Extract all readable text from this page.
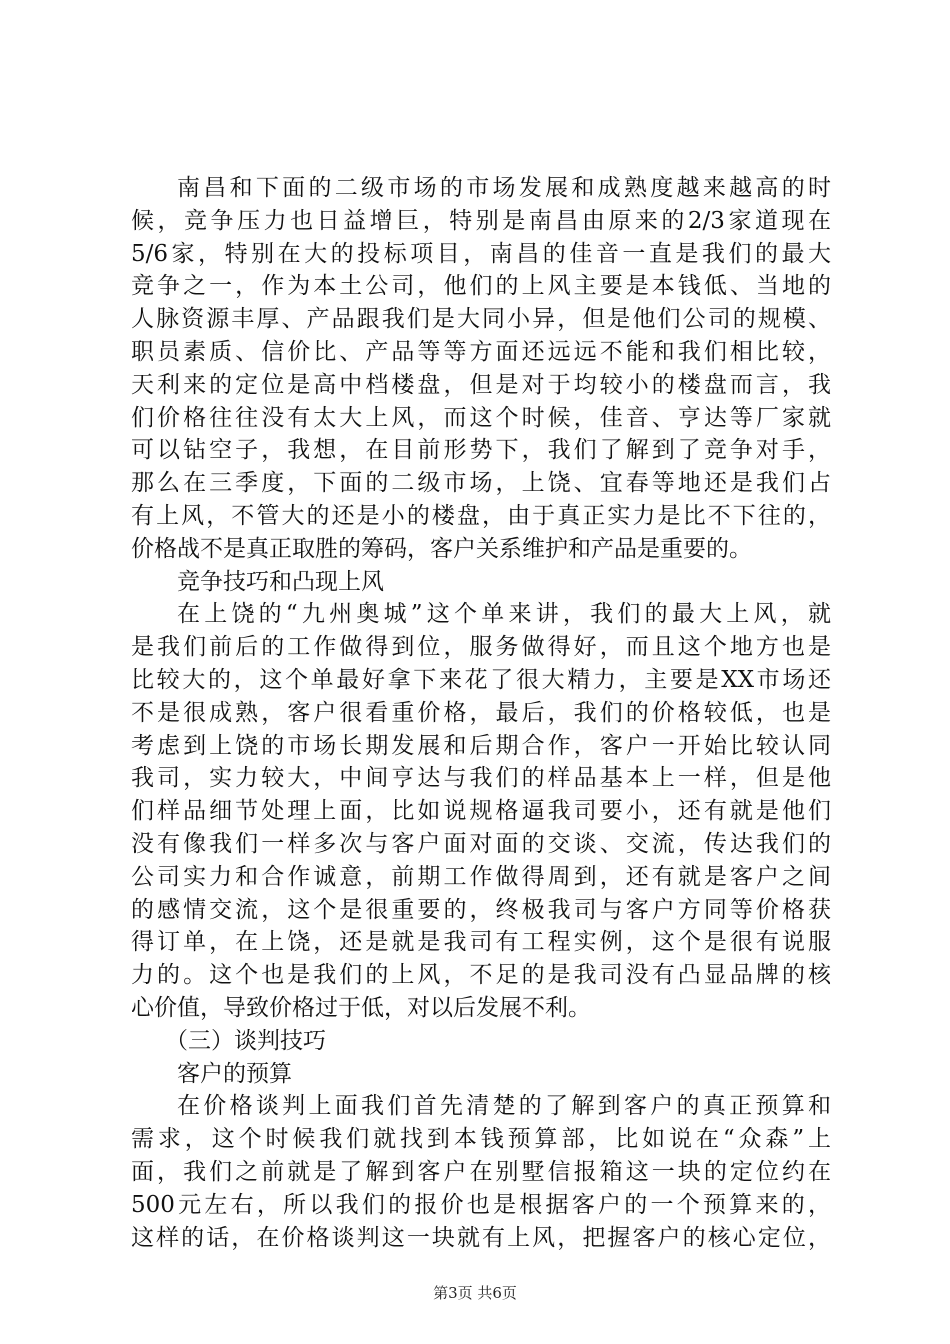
南昌和下面的二级市场的市场发展和成熟度越来越高的时
候，竞争压力也日益增巨，特别是南昌由原来的2/3家道现在
5/6家，特别在大的投标项目，南昌的佳音一直是我们的最大
竞争之一，作为本土公司，他们的上风主要是本钱低、当地的
人脉资源丰厚、产品跟我们是大同小异，但是他们公司的规模、
职员素质、信价比、产品等等方面还远远不能和我们相比较，
天利来的定位是高中档楼盘，但是对于均较小的楼盘而言，我
们价格往往没有太大上风，而这个时候，佳音、亨达等厂家就
可以钻空子，我想，在目前形势下，我们了解到了竞争对手，
那么在三季度，下面的二级市场，上饶、宜春等地还是我们占
有上风，不管大的还是小的楼盘，由于真正实力是比不下往的，
价格战不是真正取胜的筹码，客户关系维护和产品是重要的。
竞争技巧和凸现上风
在上饶的“九州奥城”这个单来讲，我们的最大上风，就
是我们前后的工作做得到位，服务做得好，而且这个地方也是
比较大的，这个单最好拿下来花了很大精力，主要是XX市场还
不是很成熟，客户很看重价格，最后，我们的价格较低，也是
考虑到上饶的市场长期发展和后期合作，客户一开始比较认同
我司，实力较大，中间亨达与我们的样品基本上一样，但是他
们样品细节处理上面，比如说规格逼我司要小，还有就是他们
没有像我们一样多次与客户面对面的交谈、交流，传达我们的
公司实力和合作诚意，前期工作做得周到，还有就是客户之间
的感情交流，这个是很重要的，终极我司与客户方同等价格获
得订单，在上饶，还是就是我司有工程实例，这个是很有说服
力的。这个也是我们的上风，不足的是我司没有凸显品牌的核
心价值，导致价格过于低，对以后发展不利。
（三）谈判技巧
客户的预算
在价格谈判上面我们首先清楚的了解到客户的真正预算和
需求，这个时候我们就找到本钱预算部，比如说在“众森”上
面，我们之前就是了解到客户在别墅信报箱这一块的定位约在
500元左右，所以我们的报价也是根据客户的一个预算来的，
这样的话，在价格谈判这一块就有上风，把握客户的核心定位，
第3页 共6页
